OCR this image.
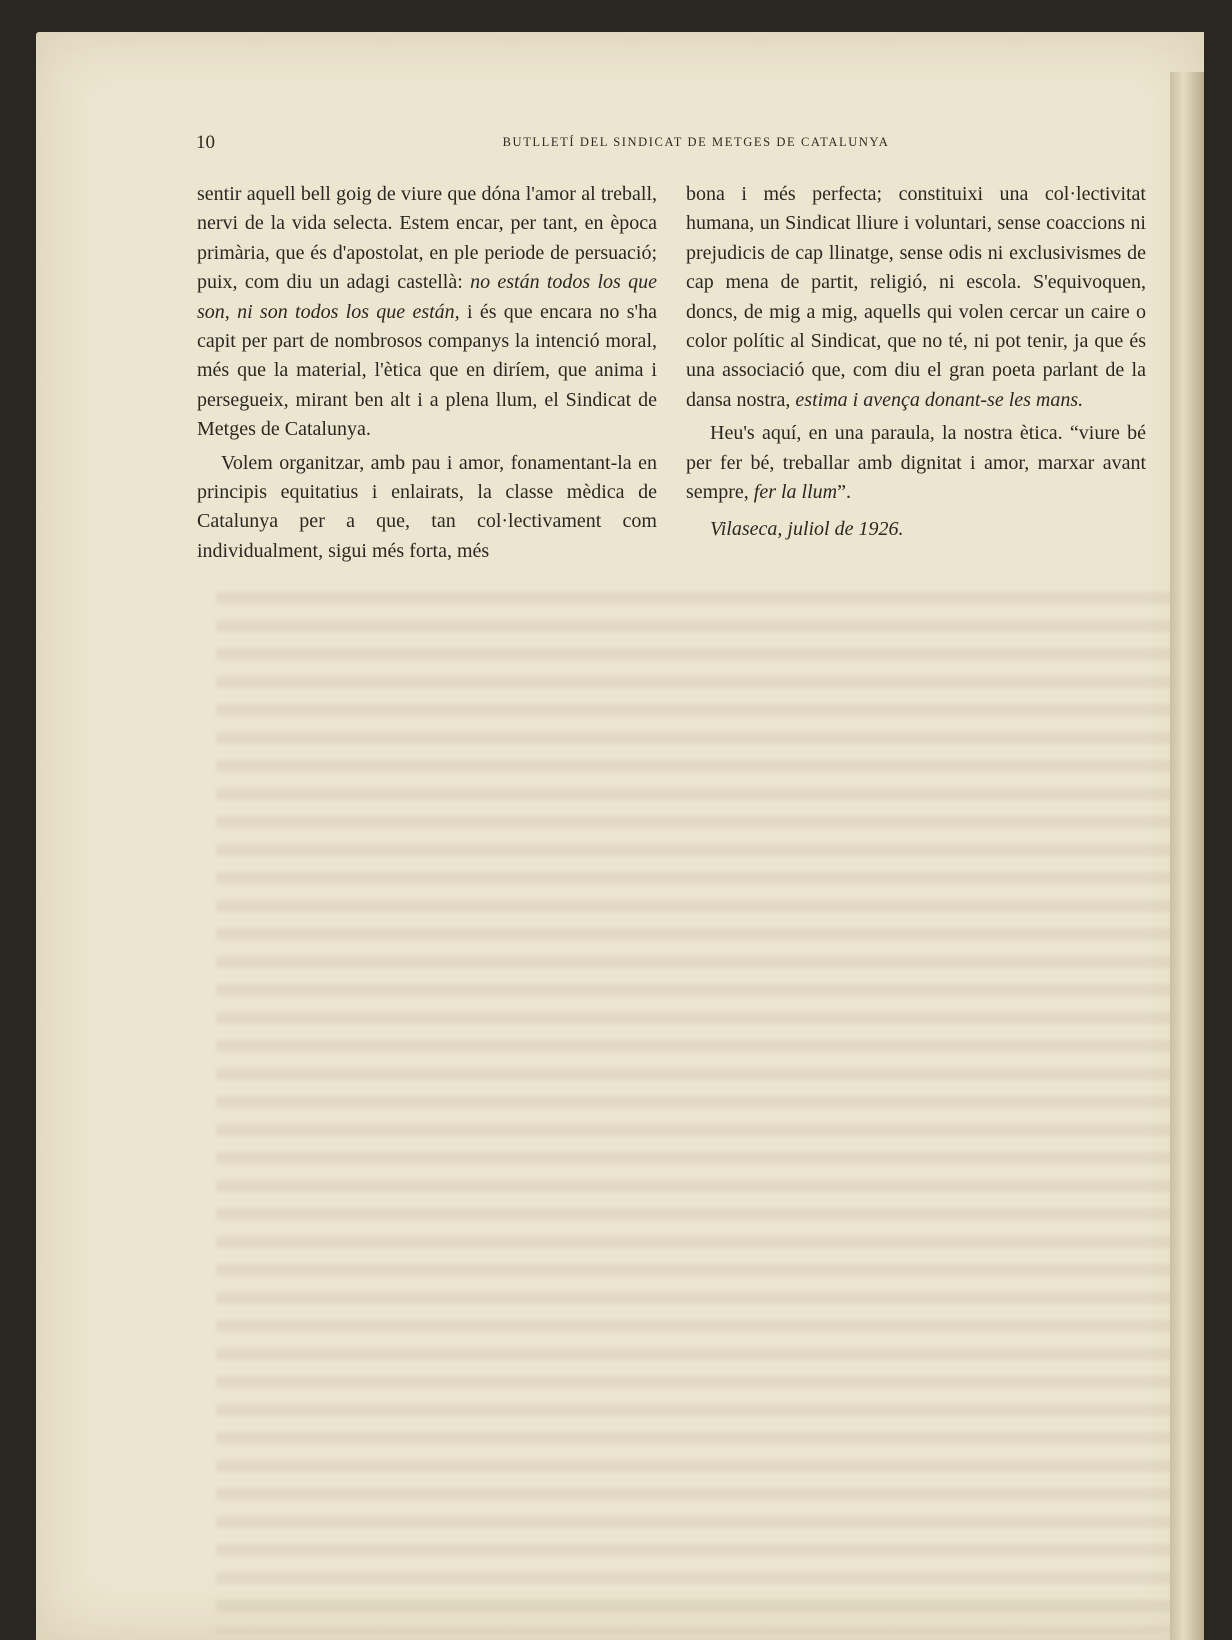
10	BUTLLETÍ DEL SINDICAT DE METGES DE CATALUNYA

sentir aquell bell goig de viure que dóna l'amor al treball, nervi de la vida selecta. Estem encar, per tant, en època primària, que és d'apostolat, en ple periode de persuació; puix, com diu un adagi castellà: no están todos los que son, ni son todos los que están, i és que encara no s'ha capit per part de nombrosos companys la intenció moral, més que la material, l'ètica que en diríem, que anima i persegueix, mirant ben alt i a plena llum, el Sindicat de Metges de Catalunya.

Volem organitzar, amb pau i amor, fonamentant-la en principis equitatius i enlairats, la classe mèdica de Catalunya per a que, tan col·lectivament com individualment, sigui més forta, més

bona i més perfecta; constituixi una col·lectivitat humana, un Sindicat lliure i voluntari, sense coaccions ni prejudicis de cap llinatge, sense odis ni exclusivismes de cap mena de partit, religió, ni escola. S'equivoquen, doncs, de mig a mig, aquells qui volen cercar un caire o color polític al Sindicat, que no té, ni pot tenir, ja que és una associació que, com diu el gran poeta parlant de la dansa nostra, estima i avença donant-se les mans.

Heu's aquí, en una paraula, la nostra ètica. “viure bé per fer bé, treballar amb dignitat i amor, marxar avant sempre, fer la llum”.

Vilaseca, juliol de 1926.
